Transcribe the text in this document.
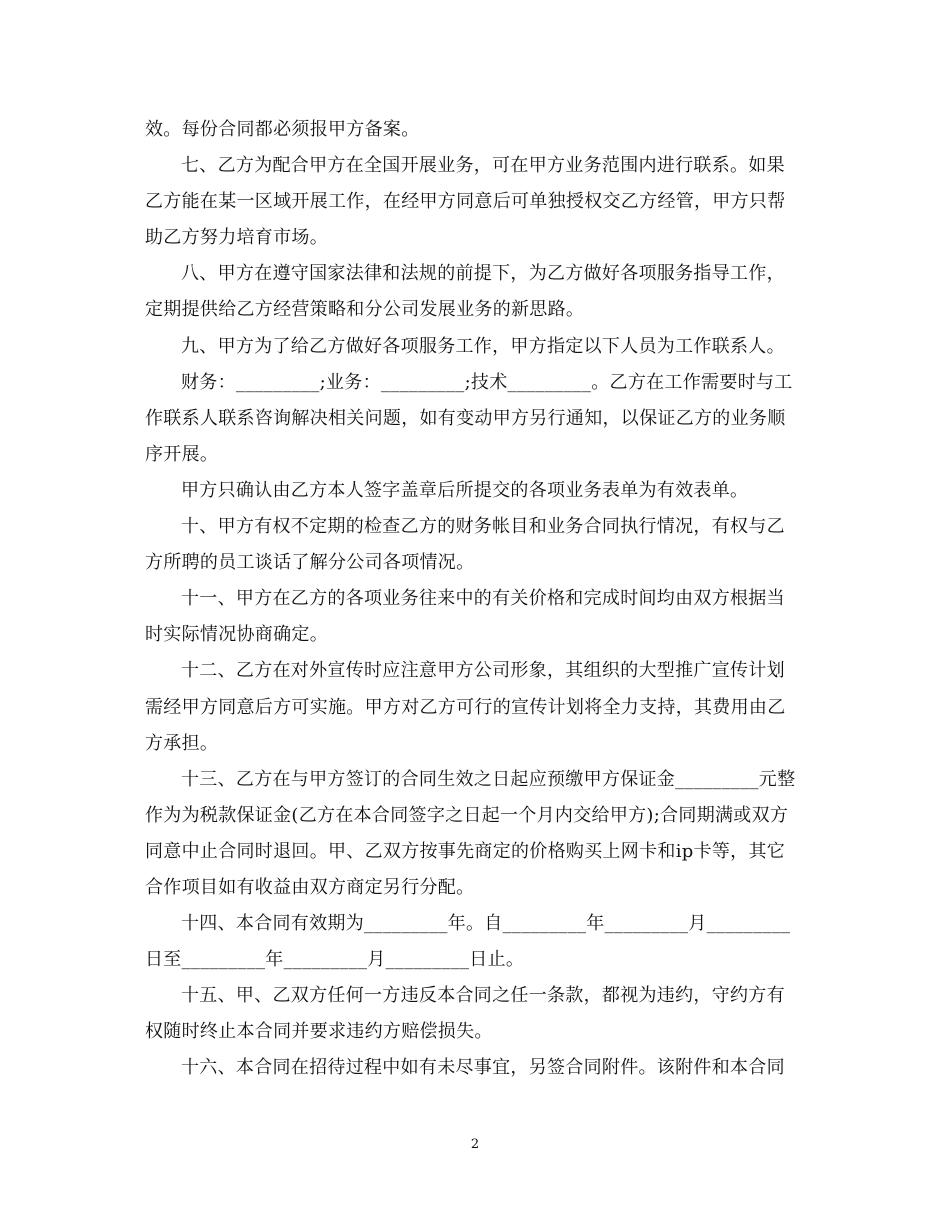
效。每份合同都必须报甲方备案。
七、乙方为配合甲方在全国开展业务，可在甲方业务范围内进行联系。如果
乙方能在某一区域开展工作，在经甲方同意后可单独授权交乙方经管，甲方只帮
助乙方努力培育市场。
八、甲方在遵守国家法律和法规的前提下，为乙方做好各项服务指导工作，
定期提供给乙方经营策略和分公司发展业务的新思路。
九、甲方为了给乙方做好各项服务工作，甲方指定以下人员为工作联系人。
财务：_________;业务：_________;技术_________。乙方在工作需要时与工
作联系人联系咨询解决相关问题，如有变动甲方另行通知，以保证乙方的业务顺
序开展。
甲方只确认由乙方本人签字盖章后所提交的各项业务表单为有效表单。
十、甲方有权不定期的检查乙方的财务帐目和业务合同执行情况，有权与乙
方所聘的员工谈话了解分公司各项情况。
十一、甲方在乙方的各项业务往来中的有关价格和完成时间均由双方根据当
时实际情况协商确定。
十二、乙方在对外宣传时应注意甲方公司形象，其组织的大型推广宣传计划
需经甲方同意后方可实施。甲方对乙方可行的宣传计划将全力支持，其费用由乙
方承担。
十三、乙方在与甲方签订的合同生效之日起应预缴甲方保证金_________元整
作为为税款保证金(乙方在本合同签字之日起一个月内交给甲方);合同期满或双方
同意中止合同时退回。甲、乙双方按事先商定的价格购买上网卡和ip卡等，其它
合作项目如有收益由双方商定另行分配。
十四、本合同有效期为_________年。自_________年_________月_________
日至_________年_________月_________日止。
十五、甲、乙双方任何一方违反本合同之任一条款，都视为违约，守约方有
权随时终止本合同并要求违约方赔偿损失。
十六、本合同在招待过程中如有未尽事宜，另签合同附件。该附件和本合同
2
